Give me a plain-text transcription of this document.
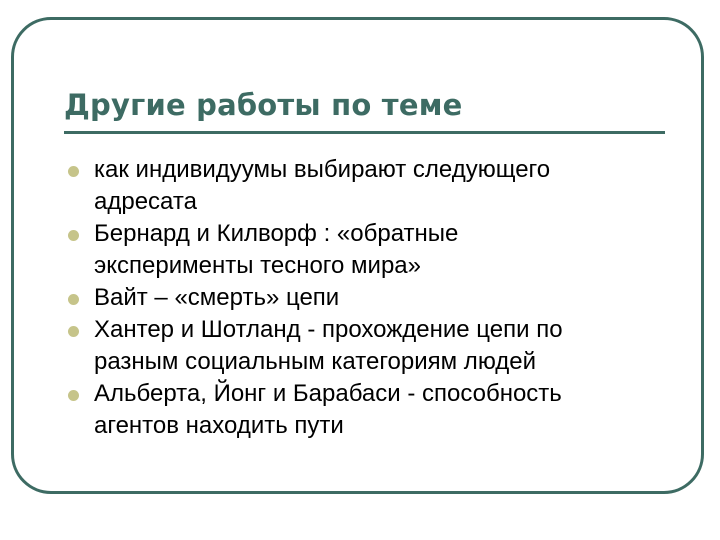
Другие работы по теме
как индивидуумы выбирают следующего
адресата
Бернард и Килворф : «обратные
эксперименты тесного мира»
Вайт – «смерть» цепи
Хантер и Шотланд - прохождение цепи по
разным социальным категориям людей
Альберта, Йонг и Барабаси - способность
агентов находить пути
